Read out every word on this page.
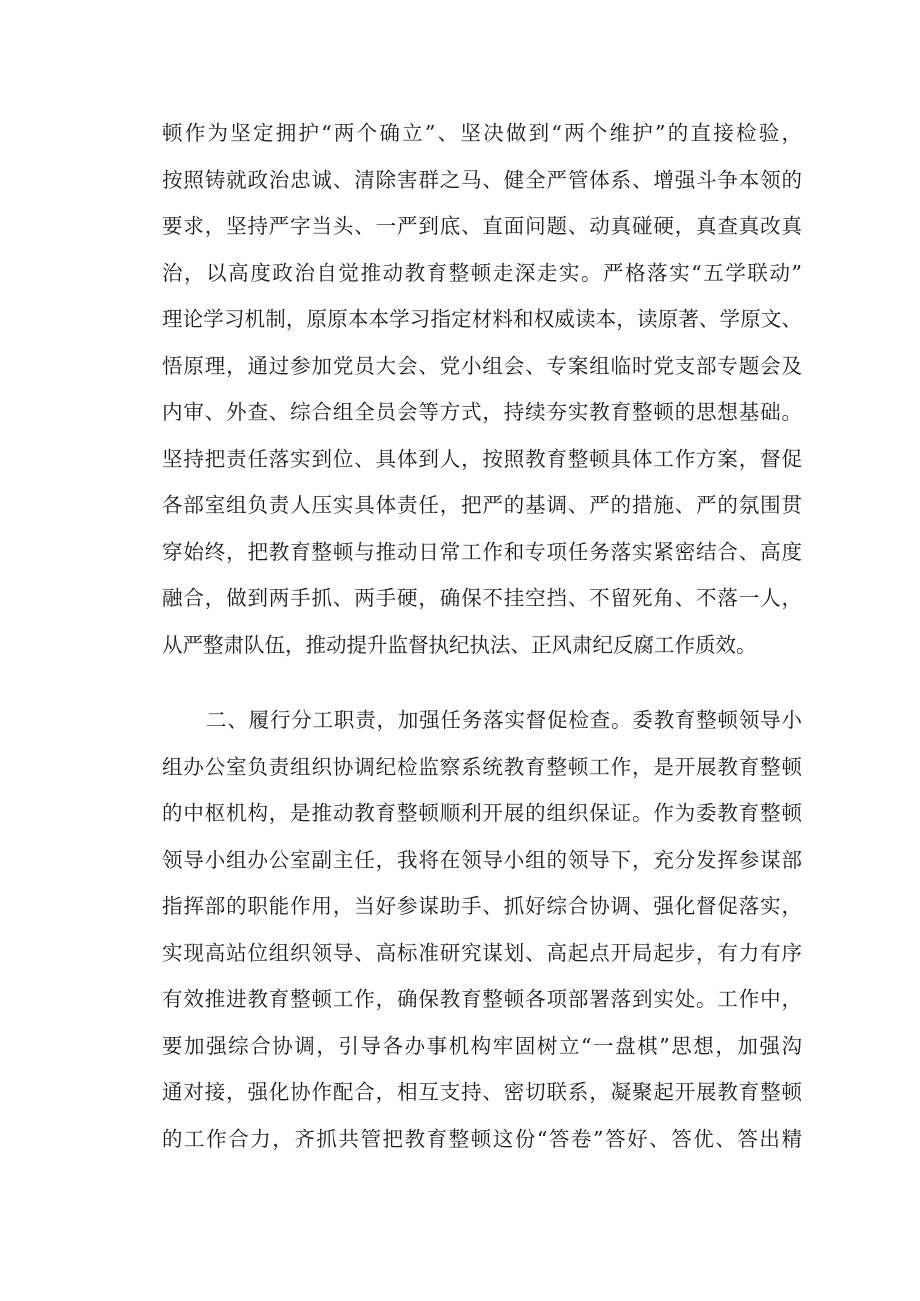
顿作为坚定拥护“两个确立”、坚决做到“两个维护”的直接检验，
按照铸就政治忠诚、清除害群之马、健全严管体系、增强斗争本领的
要求，坚持严字当头、一严到底、直面问题、动真碰硬，真查真改真
治，以高度政治自觉推动教育整顿走深走实。严格落实“五学联动”
理论学习机制，原原本本学习指定材料和权威读本，读原著、学原文、
悟原理，通过参加党员大会、党小组会、专案组临时党支部专题会及
内审、外查、综合组全员会等方式，持续夯实教育整顿的思想基础。
坚持把责任落实到位、具体到人，按照教育整顿具体工作方案，督促
各部室组负责人压实具体责任，把严的基调、严的措施、严的氛围贯
穿始终，把教育整顿与推动日常工作和专项任务落实紧密结合、高度
融合，做到两手抓、两手硬，确保不挂空挡、不留死角、不落一人，
从严整肃队伍，推动提升监督执纪执法、正风肃纪反腐工作质效。
二、履行分工职责，加强任务落实督促检查。委教育整顿领导小
组办公室负责组织协调纪检监察系统教育整顿工作，是开展教育整顿
的中枢机构，是推动教育整顿顺利开展的组织保证。作为委教育整顿
领导小组办公室副主任，我将在领导小组的领导下，充分发挥参谋部
指挥部的职能作用，当好参谋助手、抓好综合协调、强化督促落实，
实现高站位组织领导、高标准研究谋划、高起点开局起步，有力有序
有效推进教育整顿工作，确保教育整顿各项部署落到实处。工作中，
要加强综合协调，引导各办事机构牢固树立“一盘棋”思想，加强沟
通对接，强化协作配合，相互支持、密切联系，凝聚起开展教育整顿
的工作合力，齐抓共管把教育整顿这份“答卷”答好、答优、答出精
